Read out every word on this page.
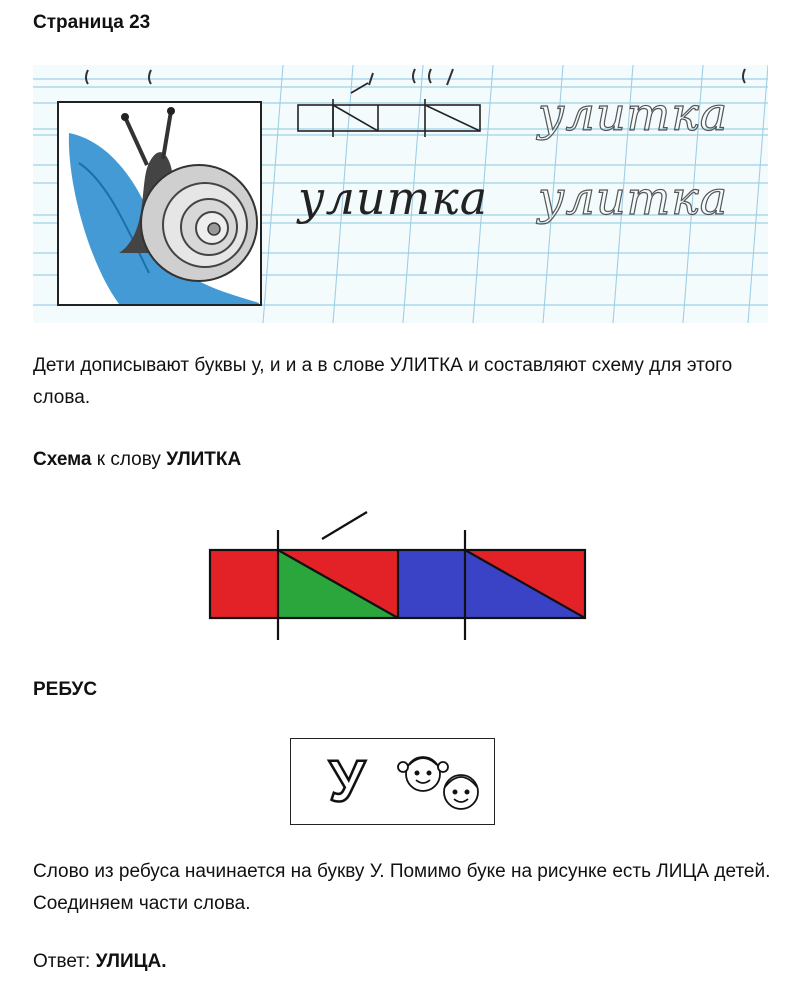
Страница 23
улитка
улитка улитка
Дети дописывают буквы у, и и а в слове УЛИТКА и составляют схему для этого слова.
Схема к слову УЛИТКА
РЕБУС
У
Слово из ребуса начинается на букву У. Помимо буке на рисунке есть ЛИЦА детей. Соединяем части слова.
Ответ: УЛИЦА.
